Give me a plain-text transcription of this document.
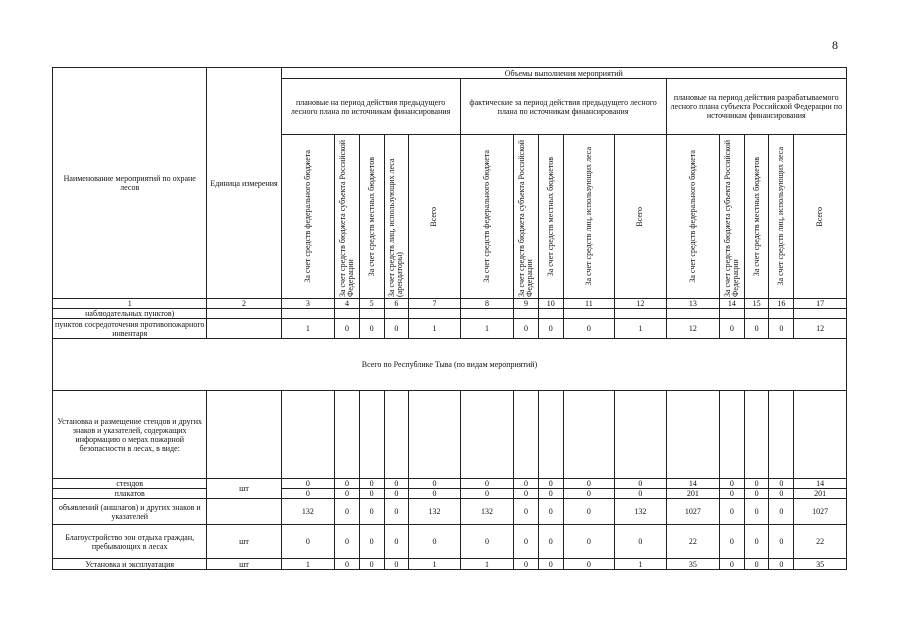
8
Наименование мероприятий по охране лесов	Единица измерения	Объемы выполнения мероприятий														
		плановые на период действия предыдущего лесного плана по источникам финансирования					фактические за период действия предыдущего лесного плана по источникам финансирования					плановые на период действия разрабатываемого лесного плана субъекта Российской Федерации по источникам финансирования				

		За счет средств федерального бюджета	За счет средств бюджета субъекта Российской Федерации	За счет средств местных бюджетов	За счет средств лиц, использующих леса (арендаторы)	Всего	За счет средств федерального бюджета	За счет средств бюджета субъекта Российской Федерации	За счет средств местных бюджетов	За счет средств лиц, использующих леса	Всего	За счет средств федерального бюджета	За счет средств бюджета субъекта Российской Федерации	За счет средств местных бюджетов	За счет средств лиц, использующих леса	Всего

1	2	3	4	5	6	7	8	9	10	11	12	13	14	15	16	17
наблюдательных пунктов)																
пунктов сосредоточения противопожарного инвентаря		1	0	0	0	1	1	0	0	0	1	12	0	0	0	12
Всего по Республике Тыва (по видам мероприятий)																
Установка и размещение стендов и других знаков и указателей, содержащих информацию о мерах пожарной безопасности в лесах, в виде:																
стендов	шт	0	0	0	0	0	0	0	0	0	0	14	0	0	0	14
плакатов		0	0	0	0	0	0	0	0	0	0	201	0	0	0	201
объявлений (аншлагов) и других знаков и указателей		132	0	0	0	132	132	0	0	0	132	1027	0	0	0	1027
Благоустройство зон отдыха граждан, пребывающих в лесах	шт	0	0	0	0	0	0	0	0	0	0	22	0	0	0	22
Установка и эксплуатация	шт	1	0	0	0	1	1	0	0	0	1	35	0	0	0	35
